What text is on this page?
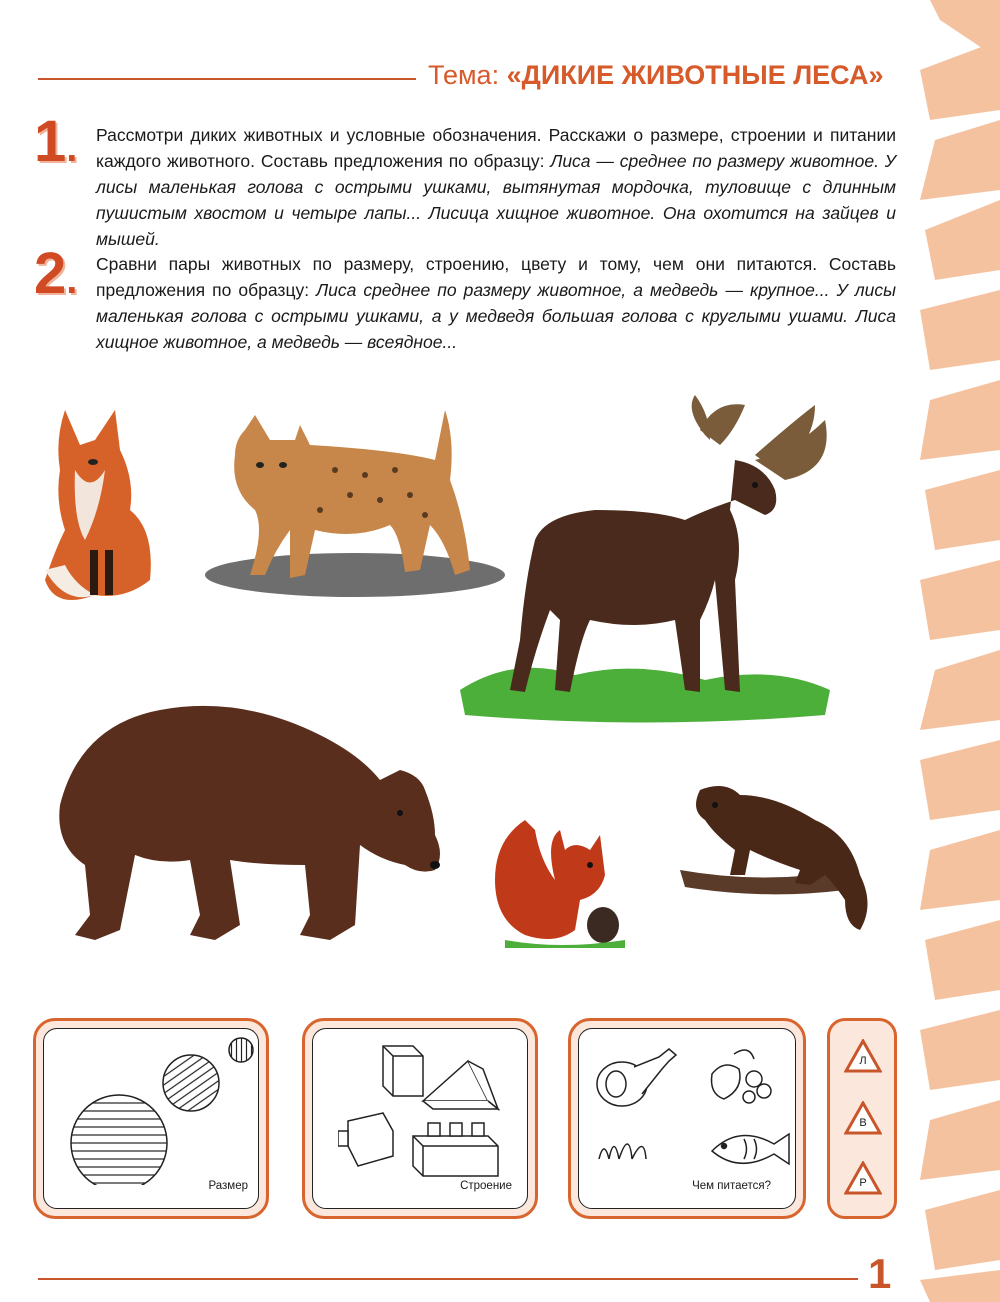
Тема: «ДИКИЕ ЖИВОТНЫЕ ЛЕСА»
1. Рассмотри диких животных и условные обозначения. Расскажи о размере, строении и питании каждого животного. Составь предложения по образцу: Лиса — среднее по размеру животное. У лисы маленькая голова с острыми ушками, вытянутая мордочка, туловище с длинным пушистым хвостом и четыре лапы... Лисица хищное животное. Она охотится на зайцев и мышей.
2. Сравни пары животных по размеру, строению, цвету и тому, чем они питаются. Составь предложения по образцу: Лиса среднее по размеру животное, а медведь — крупное... У лисы маленькая голова с острыми ушками, а у медведя большая голова с круглыми ушами. Лиса хищное животное, а медведь — всеядное...
Размер	Строение	Чем питается?
Л
В
Р
1
